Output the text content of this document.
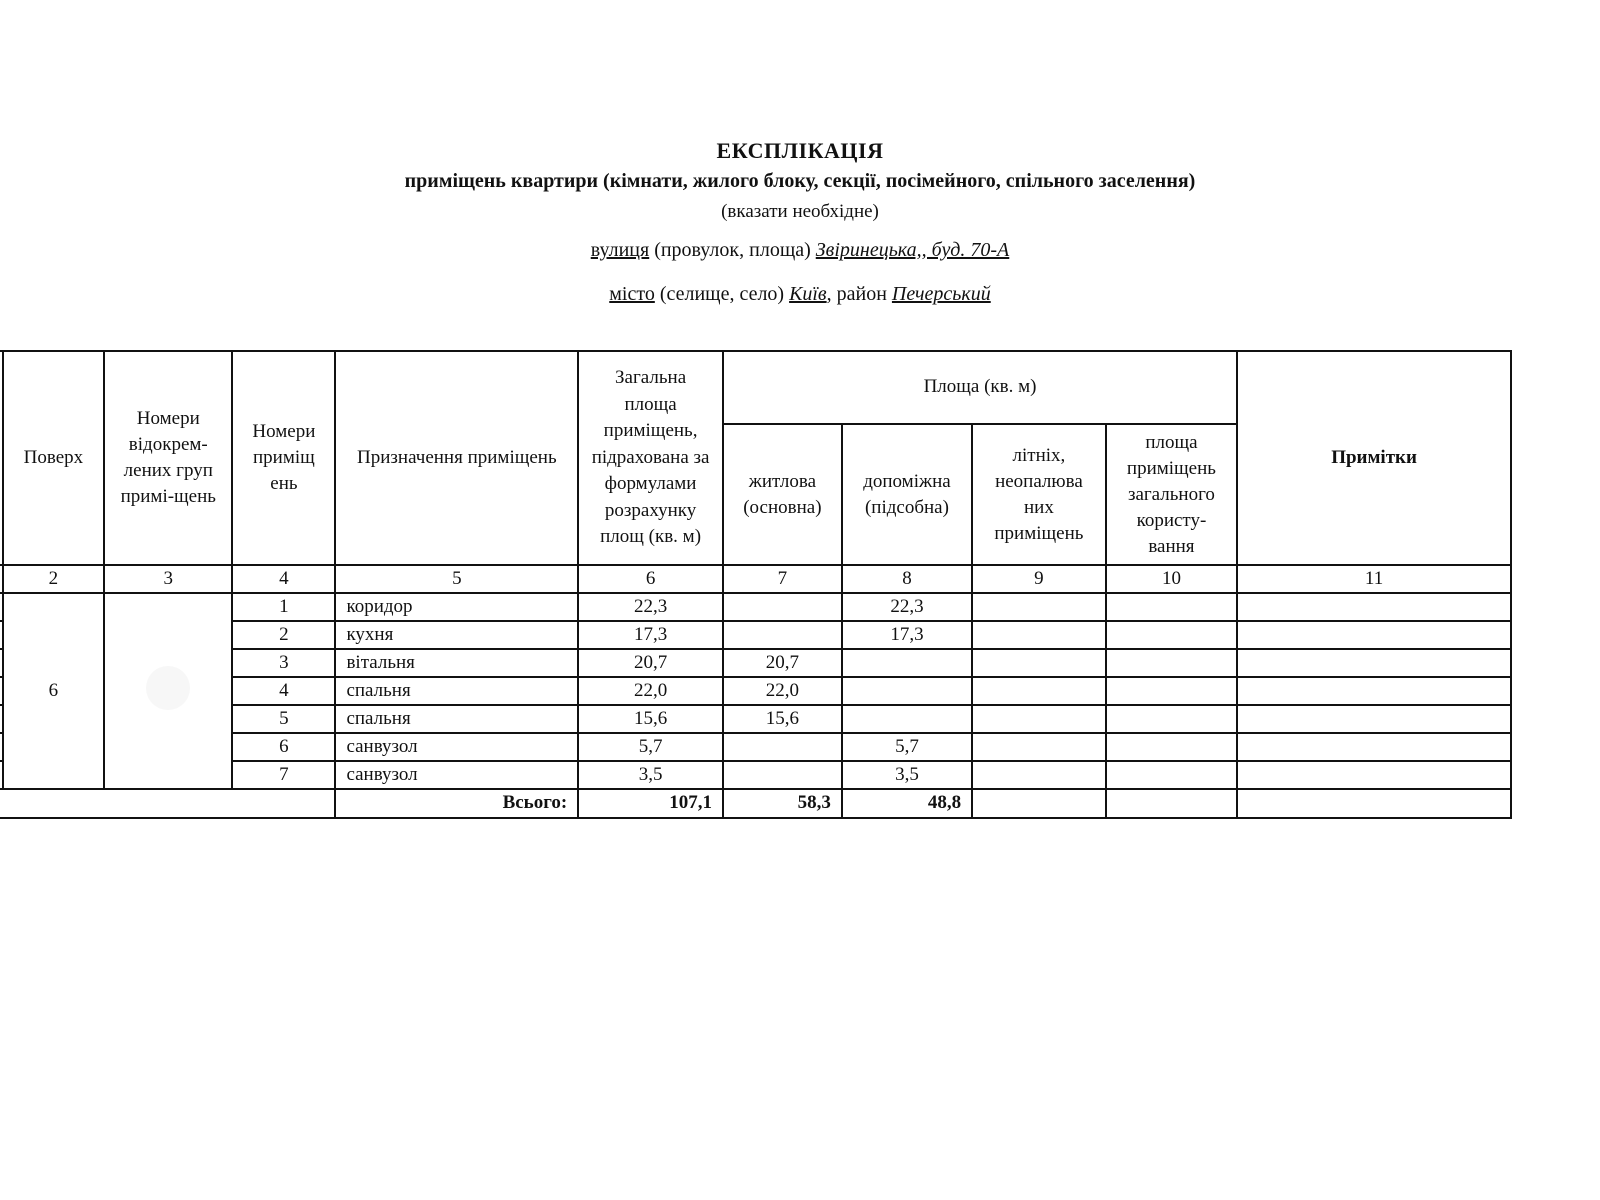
ЕКСПЛІКАЦІЯ
приміщень квартири (кімнати, жилого блоку, секції, посімейного, спільного заселення)
(вказати необхідне)
вулиця (провулок, площа) Звіринецька,, буд. 70-А
місто (селище, село) Київ, район Печерський
	Поверх	Номери відокрем-лених груп примі-щень	Номери приміщ ень	Призначення приміщень	Загальна площа приміщень, підрахована за формулами розрахунку площ (кв. м)	Площа (кв. м)				Примітки
						житлова (основна)	допоміжна (підсобна)	літніх, неопалюва них приміщень	площа приміщень загального користу-вання	
	2	3	4	5	6	7	8	9	10	11
	6		1	коридор	22,3		22,3			
			2	кухня	17,3		17,3			
			3	вітальня	20,7	20,7				
			4	спальня	22,0	22,0				
			5	спальня	15,6	15,6				
			6	санвузол	5,7		5,7			
			7	санвузол	3,5		3,5			
				Всього:	107,1	58,3	48,8			
